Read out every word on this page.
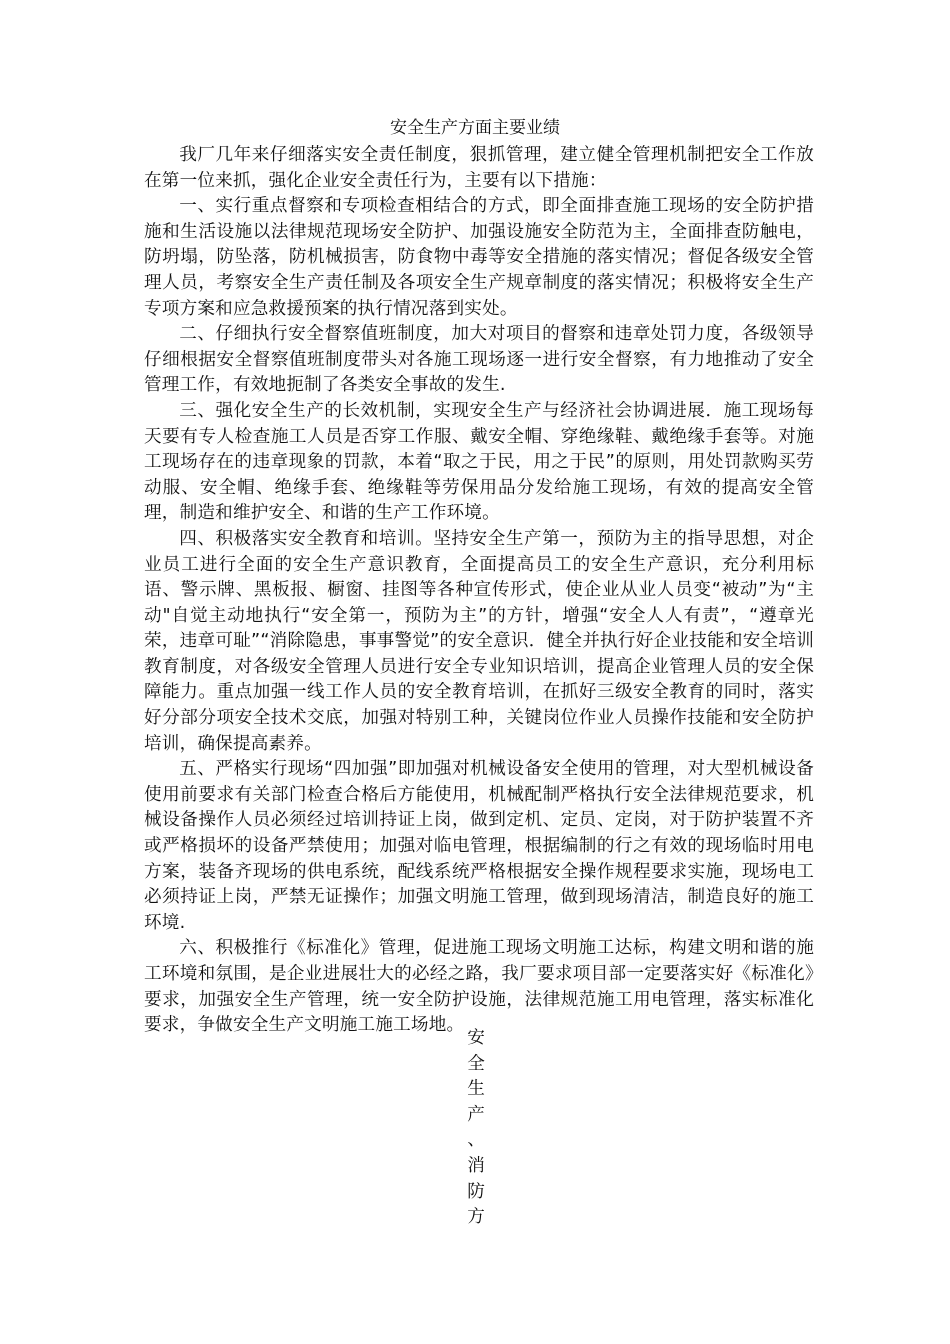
安全生产方面主要业绩

我厂几年来仔细落实安全责任制度，狠抓管理，建立健全管理机制把安全工作放在第一位来抓，强化企业安全责任行为，主要有以下措施：

一、实行重点督察和专项检查相结合的方式，即全面排查施工现场的安全防护措施和生活设施以法律规范现场安全防护、加强设施安全防范为主，全面排查防触电，防坍塌，防坠落，防机械损害，防食物中毒等安全措施的落实情况；督促各级安全管理人员，考察安全生产责任制及各项安全生产规章制度的落实情况；积极将安全生产专项方案和应急救援预案的执行情况落到实处。

二、仔细执行安全督察值班制度，加大对项目的督察和违章处罚力度，各级领导仔细根据安全督察值班制度带头对各施工现场逐一进行安全督察，有力地推动了安全管理工作，有效地扼制了各类安全事故的发生.

三、强化安全生产的长效机制，实现安全生产与经济社会协调进展．施工现场每天要有专人检查施工人员是否穿工作服、戴安全帽、穿绝缘鞋、戴绝缘手套等。对施工现场存在的违章现象的罚款，本着“取之于民，用之于民”的原则，用处罚款购买劳动服、安全帽、绝缘手套、绝缘鞋等劳保用品分发给施工现场，有效的提高安全管理，制造和维护安全、和谐的生产工作环境。

四、积极落实安全教育和培训。坚持安全生产第一，预防为主的指导思想，对企业员工进行全面的安全生产意识教育，全面提高员工的安全生产意识，充分利用标语、警示牌、黑板报、橱窗、挂图等各种宣传形式，使企业从业人员变“被动”为“主动"自觉主动地执行“安全第一，预防为主”的方针，增强“安全人人有责”，“遵章光荣，违章可耻”“消除隐患，事事警觉”的安全意识．健全并执行好企业技能和安全培训教育制度，对各级安全管理人员进行安全专业知识培训，提高企业管理人员的安全保障能力。重点加强一线工作人员的安全教育培训，在抓好三级安全教育的同时，落实好分部分项安全技术交底，加强对特别工种，关键岗位作业人员操作技能和安全防护培训，确保提高素养。

五、严格实行现场“四加强”即加强对机械设备安全使用的管理，对大型机械设备使用前要求有关部门检查合格后方能使用，机械配制严格执行安全法律规范要求，机械设备操作人员必须经过培训持证上岗，做到定机、定员、定岗，对于防护装置不齐或严格损坏的设备严禁使用；加强对临电管理，根据编制的行之有效的现场临时用电方案，装备齐现场的供电系统，配线系统严格根据安全操作规程要求实施，现场电工必须持证上岗，严禁无证操作；加强文明施工管理，做到现场清洁，制造良好的施工环境.

六、积极推行《标准化》管理，促进施工现场文明施工达标，构建文明和谐的施工环境和氛围，是企业进展壮大的必经之路，我厂要求项目部一定要落实好《标准化》要求，加强安全生产管理，统一安全防护设施，法律规范施工用电管理，落实标准化要求，争做安全生产文明施工施工场地。

安
全
生
产
、
消
防
方
